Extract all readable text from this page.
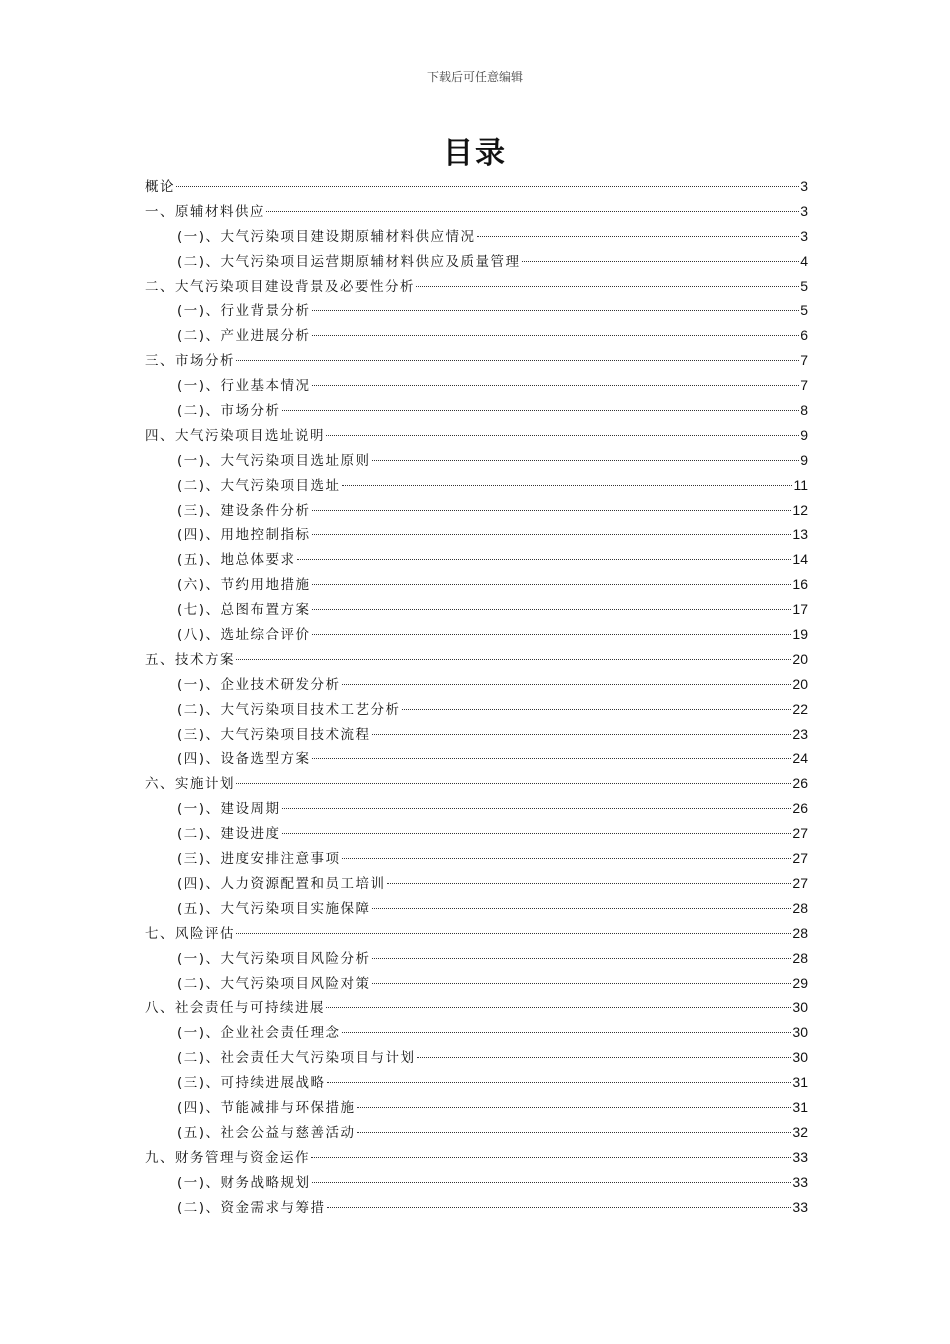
下载后可任意编辑
目录
概论	3
一、原辅材料供应	3
(一)、大气污染项目建设期原辅材料供应情况	3
(二)、大气污染项目运营期原辅材料供应及质量管理	4
二、大气污染项目建设背景及必要性分析	5
(一)、行业背景分析	5
(二)、产业进展分析	6
三、市场分析	7
(一)、行业基本情况	7
(二)、市场分析	8
四、大气污染项目选址说明	9
(一)、大气污染项目选址原则	9
(二)、大气污染项目选址	11
(三)、建设条件分析	12
(四)、用地控制指标	13
(五)、地总体要求	14
(六)、节约用地措施	16
(七)、总图布置方案	17
(八)、选址综合评价	19
五、技术方案	20
(一)、企业技术研发分析	20
(二)、大气污染项目技术工艺分析	22
(三)、大气污染项目技术流程	23
(四)、设备选型方案	24
六、实施计划	26
(一)、建设周期	26
(二)、建设进度	27
(三)、进度安排注意事项	27
(四)、人力资源配置和员工培训	27
(五)、大气污染项目实施保障	28
七、风险评估	28
(一)、大气污染项目风险分析	28
(二)、大气污染项目风险对策	29
八、社会责任与可持续进展	30
(一)、企业社会责任理念	30
(二)、社会责任大气污染项目与计划	30
(三)、可持续进展战略	31
(四)、节能减排与环保措施	31
(五)、社会公益与慈善活动	32
九、财务管理与资金运作	33
(一)、财务战略规划	33
(二)、资金需求与筹措	33
